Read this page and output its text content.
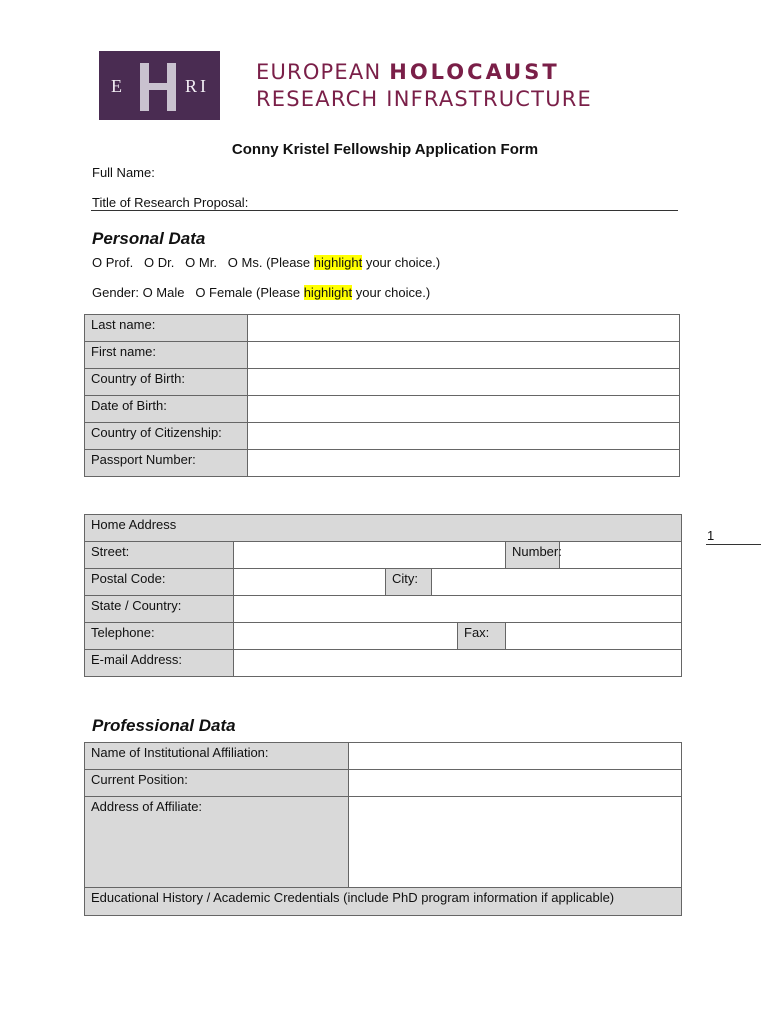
E	R I
EUROPEAN HOLOCAUST
RESEARCH INFRASTRUCTURE
Conny Kristel Fellowship Application Form
Full Name:
Title of Research Proposal:
Personal Data
O Prof.   O Dr.   O Mr.   O Ms. (Please highlight your choice.)
Gender: O Male   O Female (Please highlight your choice.)
Last name:	
First name:	
Country of Birth:	
Date of Birth:	
Country of Citizenship:	
Passport Number:	
Home Address						
Street:					Number:	
Postal Code:		City:				
State / Country:						
Telephone:				Fax:		
E-mail Address:						
1
Professional Data
Name of Institutional Affiliation:	
Current Position:	
Address of Affiliate:	
Educational History / Academic Credentials (include PhD program information if applicable)	
